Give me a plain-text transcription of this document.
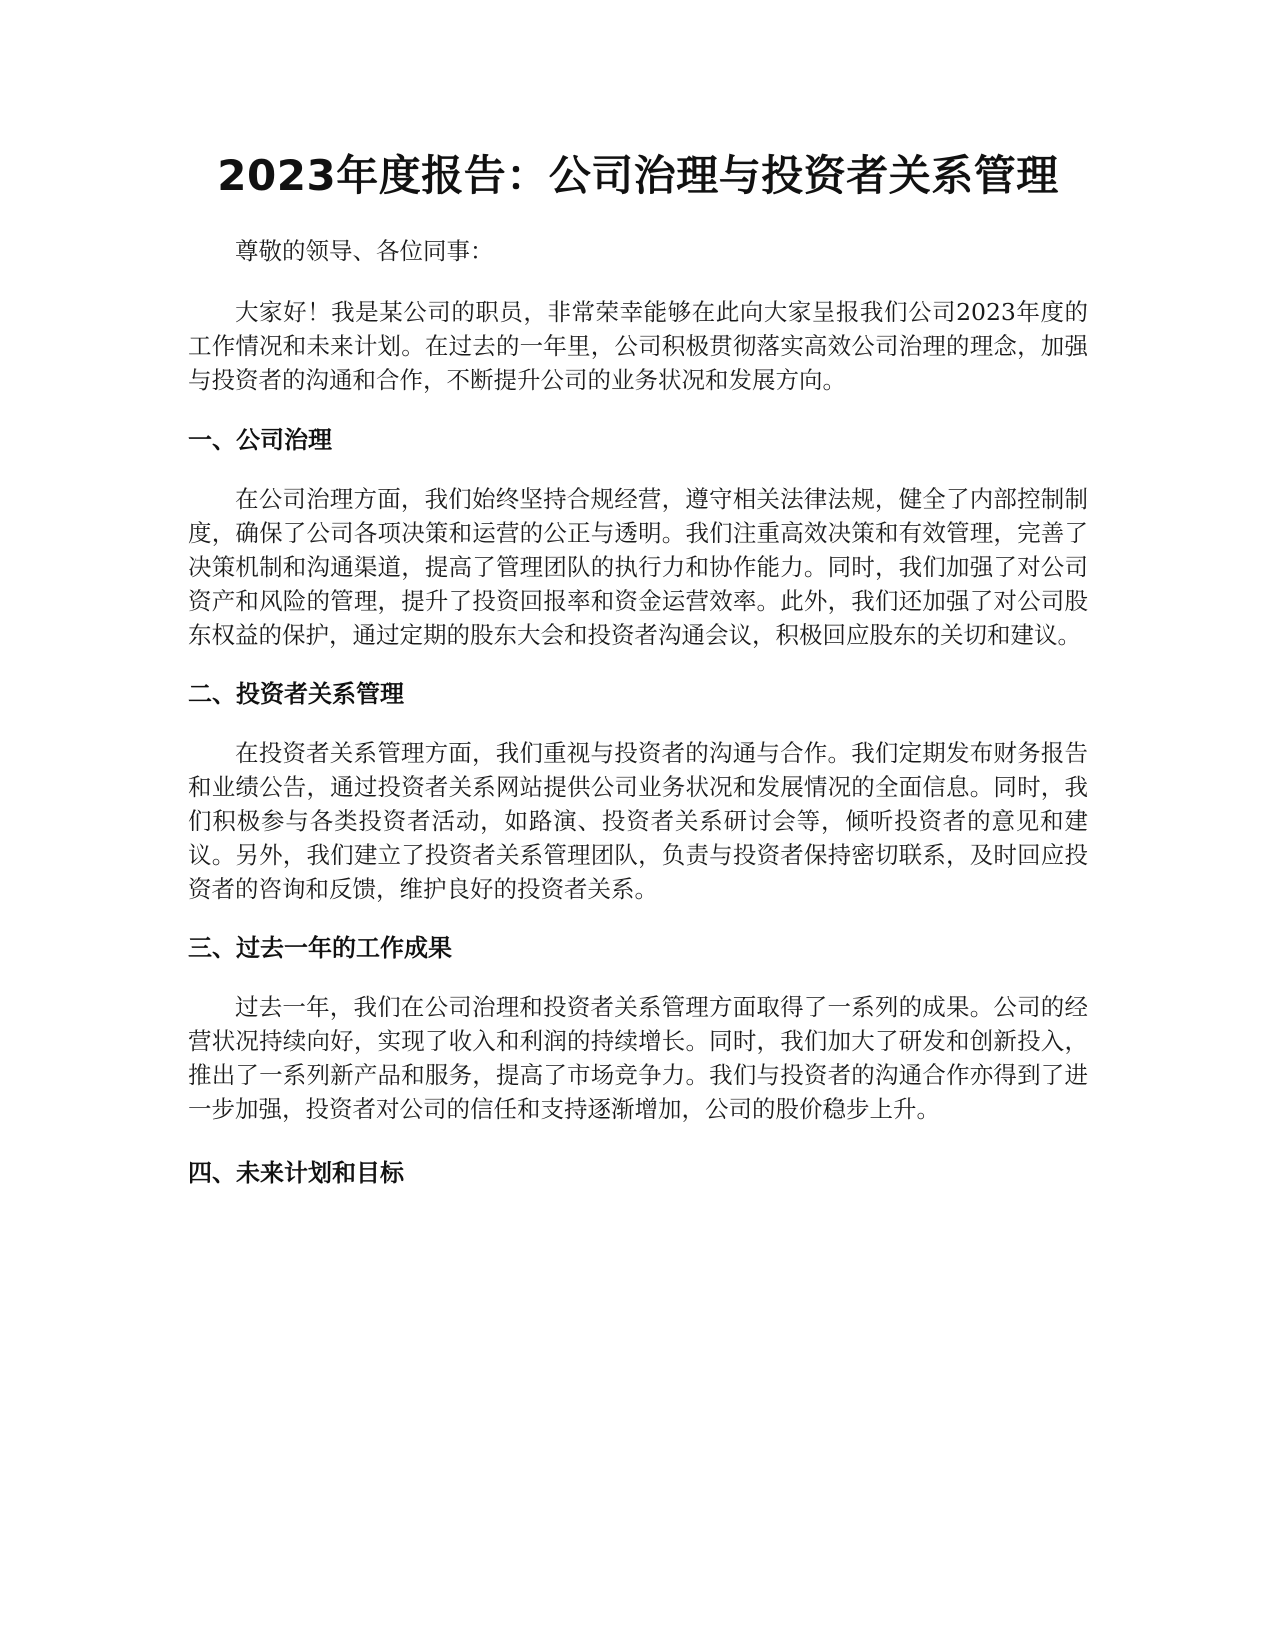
2023年度报告：公司治理与投资者关系管理

尊敬的领导、各位同事：

大家好！我是某公司的职员，非常荣幸能够在此向大家呈报我们公司2023年度的工作情况和未来计划。在过去的一年里，公司积极贯彻落实高效公司治理的理念，加强与投资者的沟通和合作，不断提升公司的业务状况和发展方向。

一、公司治理

在公司治理方面，我们始终坚持合规经营，遵守相关法律法规，健全了内部控制制度，确保了公司各项决策和运营的公正与透明。我们注重高效决策和有效管理，完善了决策机制和沟通渠道，提高了管理团队的执行力和协作能力。同时，我们加强了对公司资产和风险的管理，提升了投资回报率和资金运营效率。此外，我们还加强了对公司股东权益的保护，通过定期的股东大会和投资者沟通会议，积极回应股东的关切和建议。

二、投资者关系管理

在投资者关系管理方面，我们重视与投资者的沟通与合作。我们定期发布财务报告和业绩公告，通过投资者关系网站提供公司业务状况和发展情况的全面信息。同时，我们积极参与各类投资者活动，如路演、投资者关系研讨会等，倾听投资者的意见和建议。另外，我们建立了投资者关系管理团队，负责与投资者保持密切联系，及时回应投资者的咨询和反馈，维护良好的投资者关系。

三、过去一年的工作成果

过去一年，我们在公司治理和投资者关系管理方面取得了一系列的成果。公司的经营状况持续向好，实现了收入和利润的持续增长。同时，我们加大了研发和创新投入，推出了一系列新产品和服务，提高了市场竞争力。我们与投资者的沟通合作亦得到了进一步加强，投资者对公司的信任和支持逐渐增加，公司的股价稳步上升。

四、未来计划和目标
